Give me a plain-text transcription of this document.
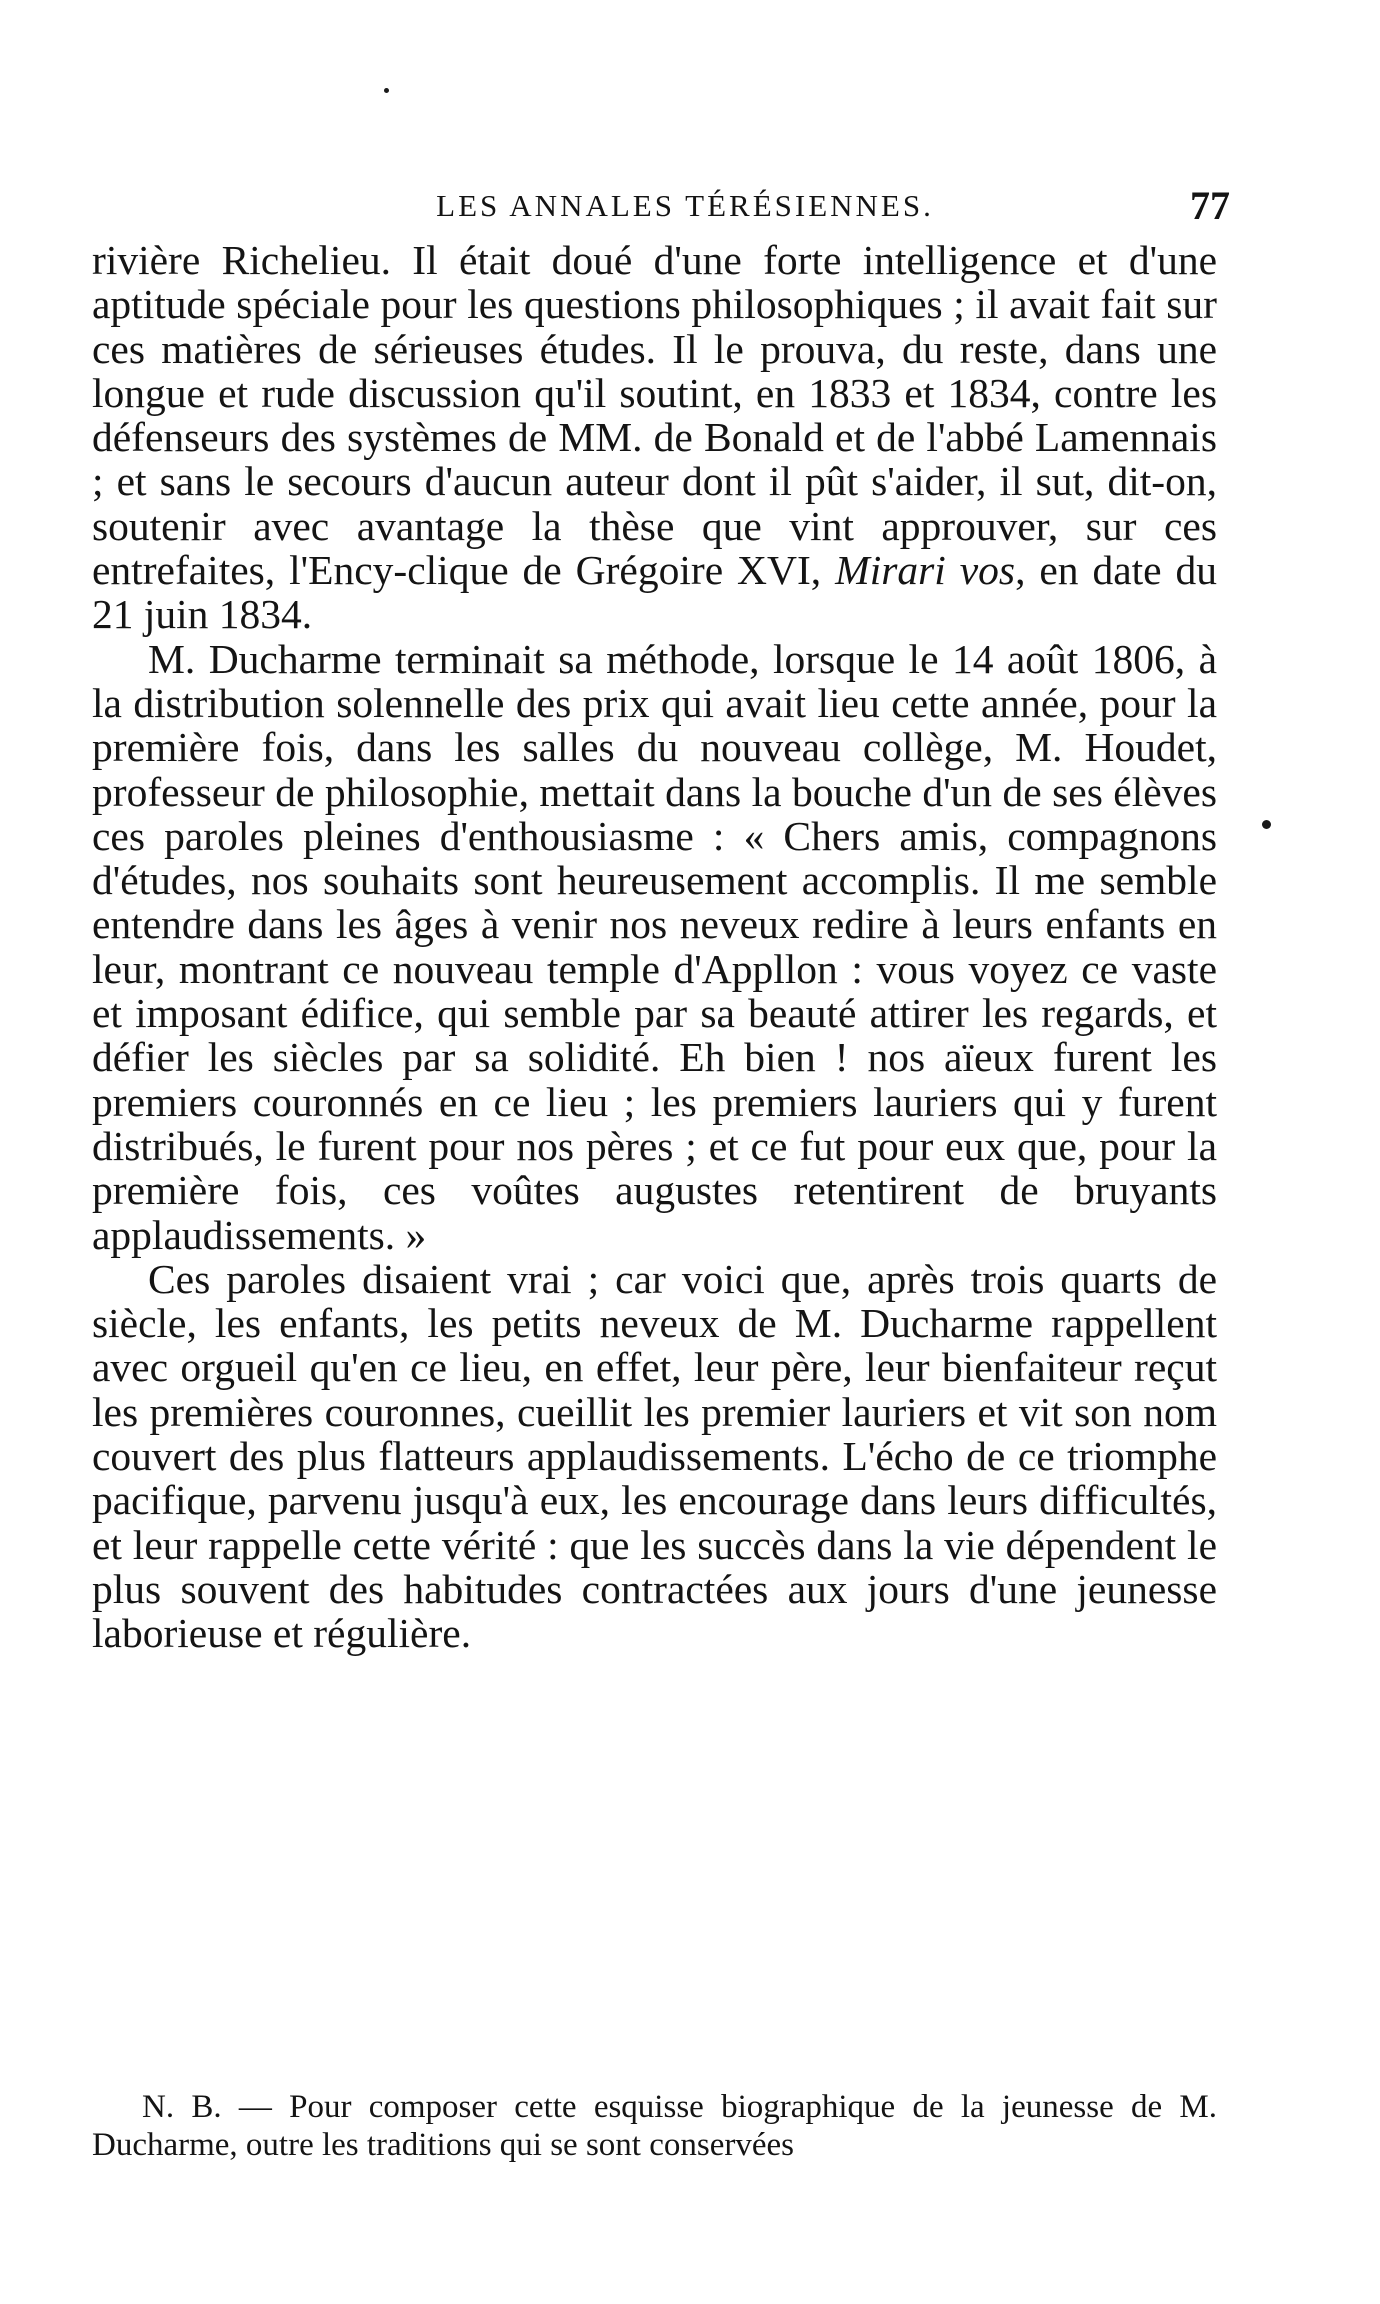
LES ANNALES TÉRÉSIENNES.	77

rivière Richelieu. Il était doué d'une forte intelligence et d'une aptitude spéciale pour les questions philosophiques ; il avait fait sur ces matières de sérieuses études. Il le prouva, du reste, dans une longue et rude discussion qu'il soutint, en 1833 et 1834, contre les défenseurs des systèmes de MM. de Bonald et de l'abbé Lamennais ; et sans le secours d'aucun auteur dont il pût s'aider, il sut, dit-on, soutenir avec avantage la thèse que vint approuver, sur ces entrefaites, l'Ency-clique de Grégoire XVI, Mirari vos, en date du 21 juin 1834.

M. Ducharme terminait sa méthode, lorsque le 14 août 1806, à la distribution solennelle des prix qui avait lieu cette année, pour la première fois, dans les salles du nouveau collège, M. Houdet, professeur de philosophie, mettait dans la bouche d'un de ses élèves ces paroles pleines d'enthousiasme : « Chers amis, compagnons d'études, nos souhaits sont heureusement accomplis. Il me semble entendre dans les âges à venir nos neveux redire à leurs enfants en leur, montrant ce nouveau temple d'Appllon : vous voyez ce vaste et imposant édifice, qui semble par sa beauté attirer les regards, et défier les siècles par sa solidité. Eh bien ! nos aïeux furent les premiers couronnés en ce lieu ; les premiers lauriers qui y furent distribués, le furent pour nos pères ; et ce fut pour eux que, pour la première fois, ces voûtes augustes retentirent de bruyants applaudissements. »

Ces paroles disaient vrai ; car voici que, après trois quarts de siècle, les enfants, les petits neveux de M. Ducharme rappellent avec orgueil qu'en ce lieu, en effet, leur père, leur bienfaiteur reçut les premières couronnes, cueillit les premier lauriers et vit son nom couvert des plus flatteurs applaudissements. L'écho de ce triomphe pacifique, parvenu jusqu'à eux, les encourage dans leurs difficultés, et leur rappelle cette vérité : que les succès dans la vie dépendent le plus souvent des habitudes contractées aux jours d'une jeunesse laborieuse et régulière.

N. B. — Pour composer cette esquisse biographique de la jeunesse de M. Ducharme, outre les traditions qui se sont conservées
